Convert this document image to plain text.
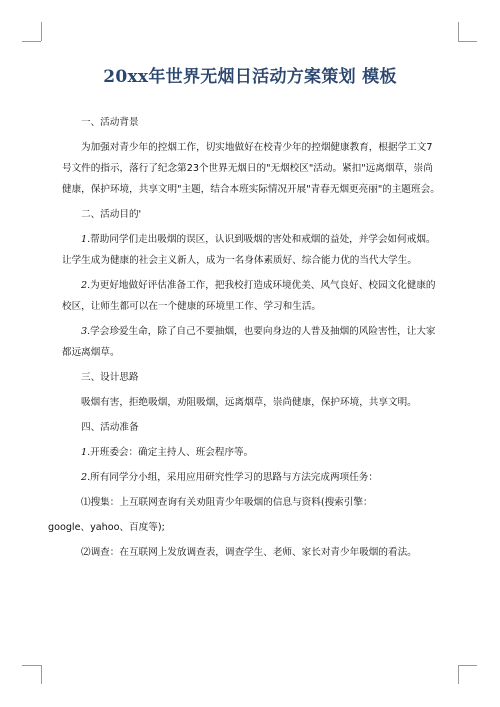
20xx年世界无烟日活动方案策划 模板

一、活动背景

为加强对青少年的控烟工作，切实地做好在校青少年的控烟健康教育，根据学工文7号文件的指示，落行了纪念第23个世界无烟日的"无烟校区"活动。紧扣"远离烟草，崇尚健康，保护环境，共享文明"主题，结合本班实际情况开展"青春无烟更亮丽"的主题班会。

二、活动目的'

1.帮助同学们走出吸烟的误区，认识到吸烟的害处和戒烟的益处，并学会如何戒烟。让学生成为健康的社会主义新人，成为一名身体素质好、综合能力优的当代大学生。

2.为更好地做好评估准备工作，把我校打造成环境优美、风气良好、校园文化健康的校区，让师生都可以在一个健康的环境里工作、学习和生活。

3.学会珍爱生命，除了自己不要抽烟，也要向身边的人普及抽烟的风险害性，让大家都远离烟草。

三、设计思路

吸烟有害，拒绝吸烟，劝阻吸烟，远离烟草，崇尚健康，保护环境，共享文明。

四、活动准备

1.开班委会：确定主持人、班会程序等。

2.所有同学分小组，采用应用研究性学习的思路与方法完成两项任务：

⑴搜集：上互联网查询有关劝阻青少年吸烟的信息与资料(搜索引擎：

google、yahoo、百度等);

⑵调查：在互联网上发放调查表，调查学生、老师、家长对青少年吸烟的看法。
